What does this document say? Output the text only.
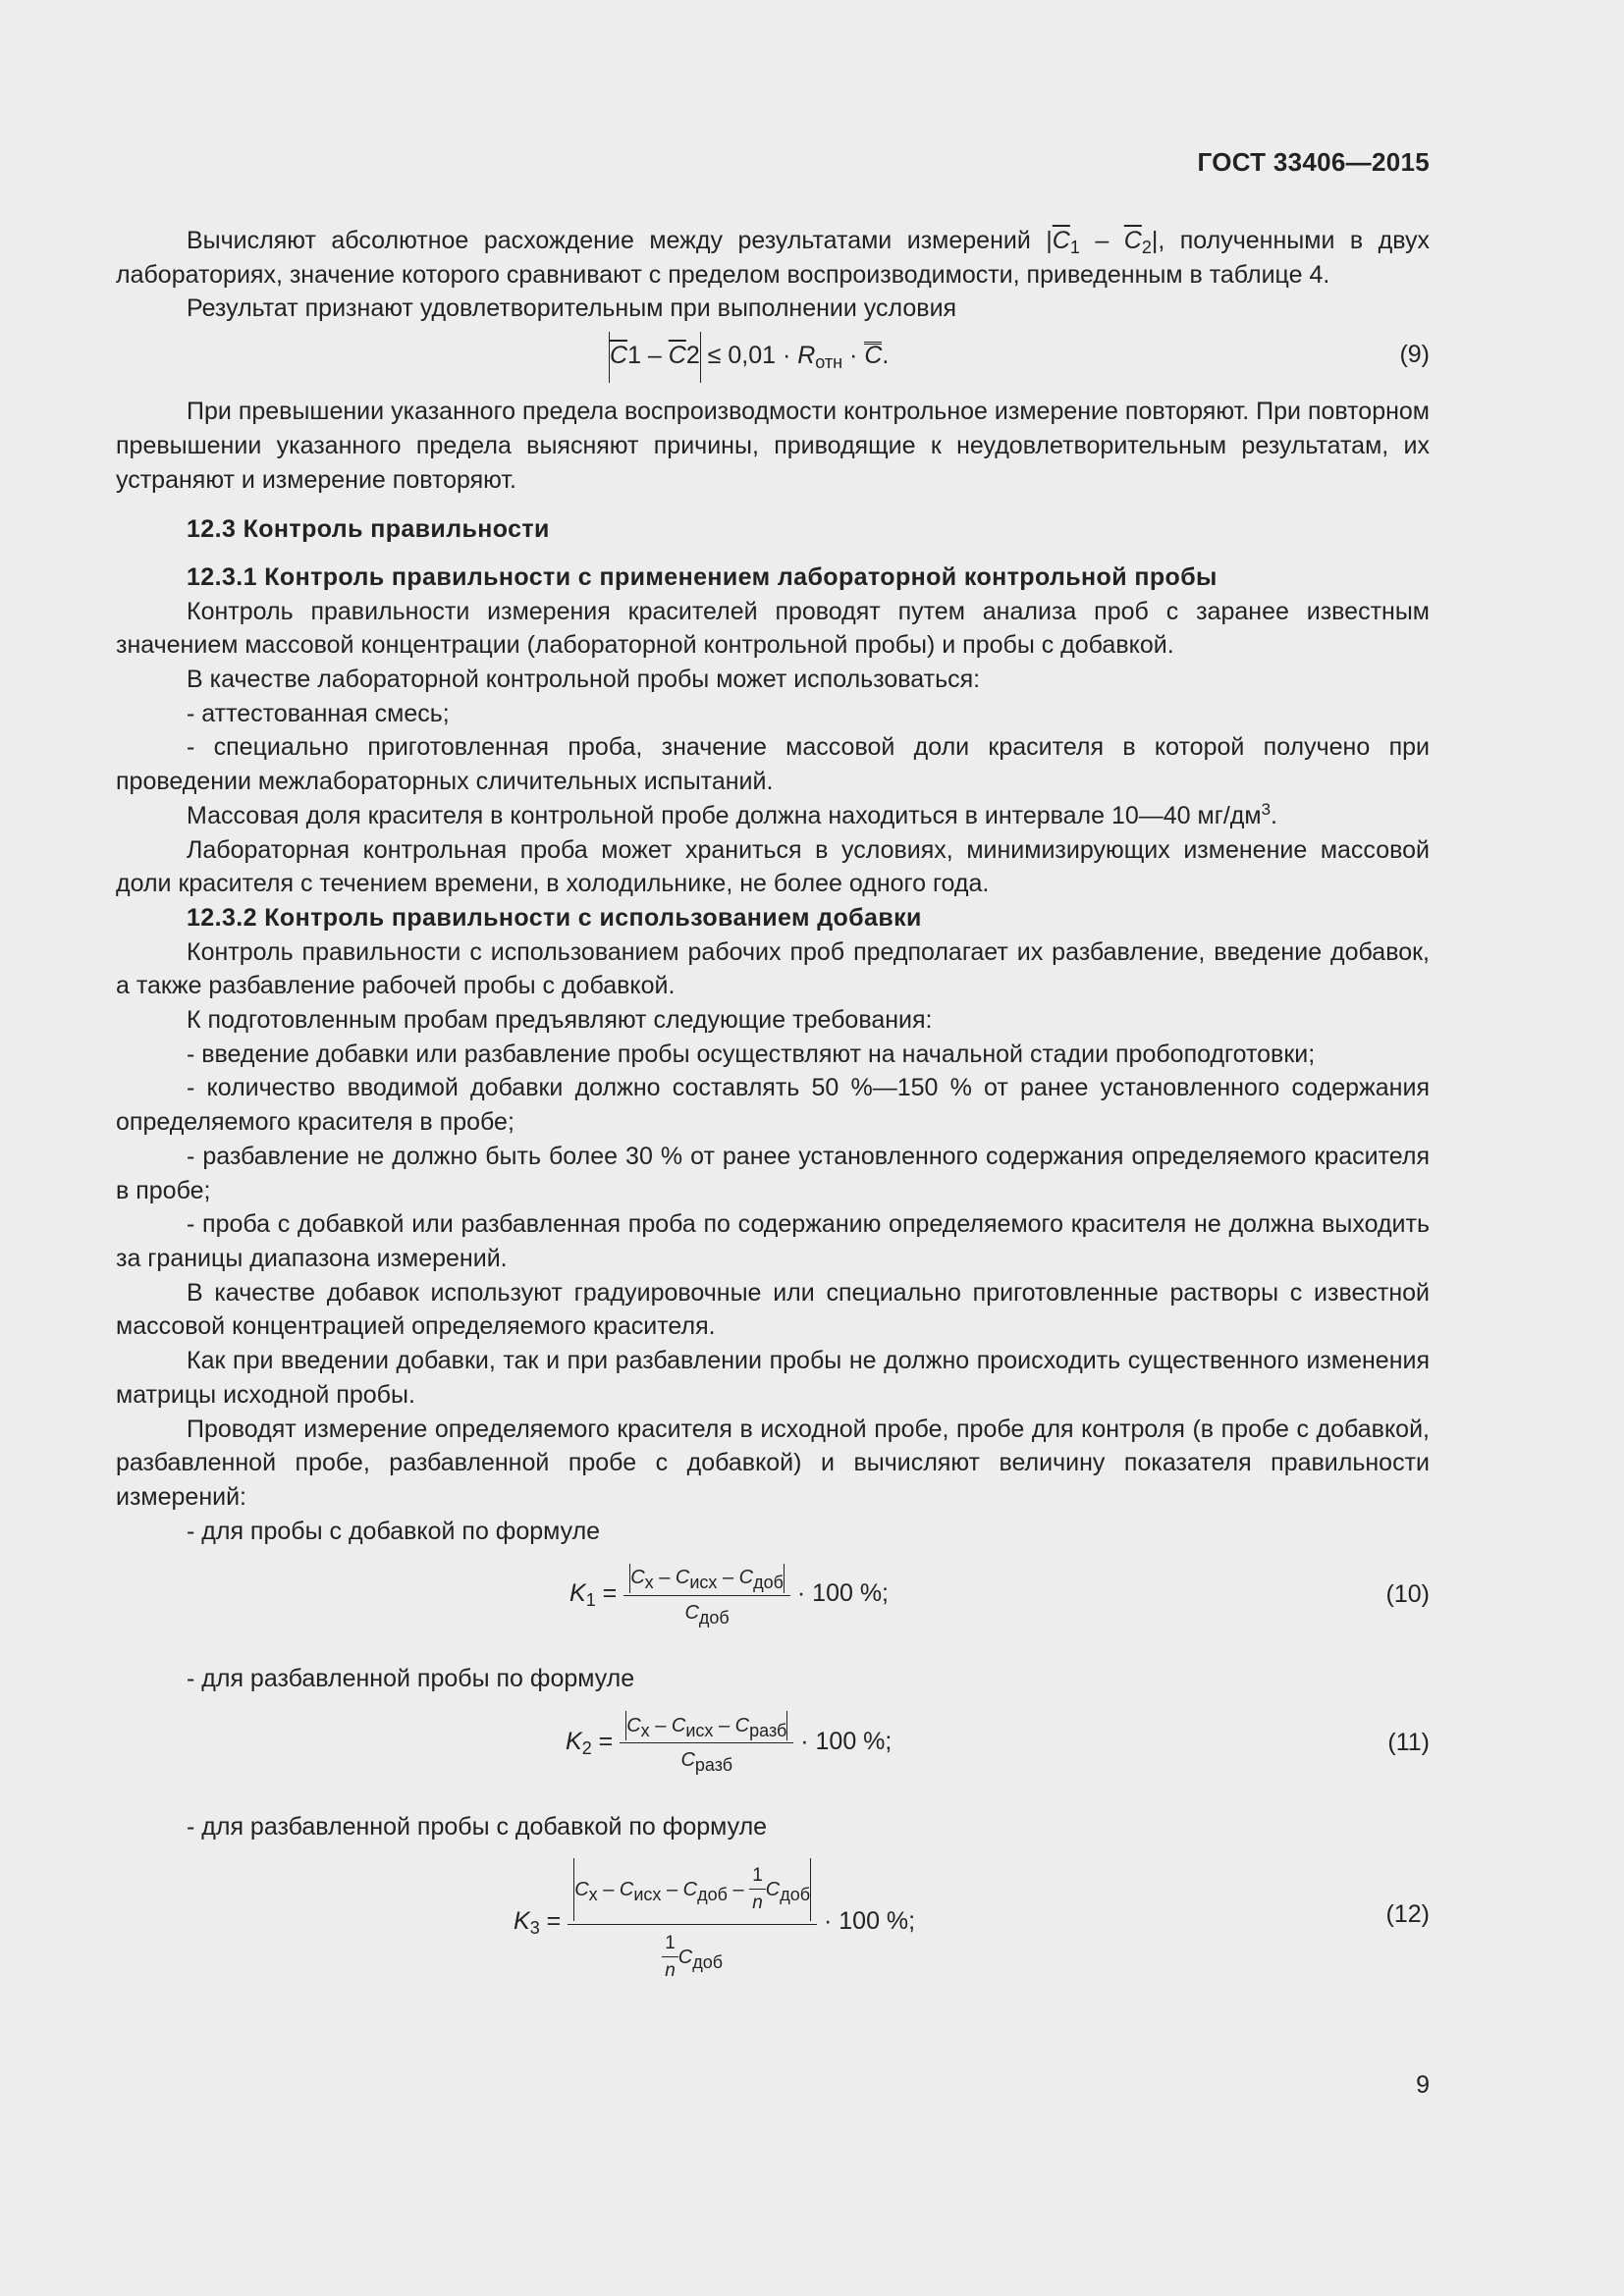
ГОСТ 33406—2015

Вычисляют абсолютное расхождение между результатами измерений $|\overline{C}_1 - \overline{C}_2|$, полученными в двух лабораториях, значение которого сравнивают с пределом воспроизводимости, приведенным в таблице 4.

Результат признают удовлетворительным при выполнении условия

$\overline{C}1 - \overline{C}2 \le 0,01 \cdot R_{отн} \cdot C$.	(9)

При превышении указанного предела воспроизводмости контрольное измерение повторяют. При повторном превышении указанного предела выясняют причины, приводящие к неудовлетворительным результатам, их устраняют и измерение повторяют.

12.3 Контроль правильности

12.3.1 Контроль правильности с применением лабораторной контрольной пробы

Контроль правильности измерения красителей проводят путем анализа проб с заранее известным значением массовой концентрации (лабораторной контрольной пробы) и пробы с добавкой.

В качестве лабораторной контрольной пробы может использоваться:

- аттестованная смесь;

- специально приготовленная проба, значение массовой доли красителя в которой получено при проведении межлабораторных сличительных испытаний.

Массовая доля красителя в контрольной пробе должна находиться в интервале 10—40 $мг/дм^3$.

Лабораторная контрольная проба может храниться в условиях, минимизирующих изменение массовой доли красителя с течением времени, в холодильнике, не более одного года.

12.3.2 Контроль правильности с использованием добавки

Контроль правильности с использованием рабочих проб предполагает их разбавление, введение добавок, а также разбавление рабочей пробы с добавкой.

К подготовленным пробам предъявляют следующие требования:

- введение добавки или разбавление пробы осуществляют на начальной стадии пробоподготовки;

- количество вводимой добавки должно составлять 50 %—150 % от ранее установленного содержания определяемого красителя в пробе;

- разбавление не должно быть более 30 % от ранее установленного содержания определяемого красителя в пробе;

- проба с добавкой или разбавленная проба по содержанию определяемого красителя не должна выходить за границы диапазона измерений.

В качестве добавок используют градуировочные или специально приготовленные растворы с известной массовой концентрацией определяемого красителя.

Как при введении добавки, так и при разбавлении пробы не должно происходить существенного изменения матрицы исходной пробы.

Проводят измерение определяемого красителя в исходной пробе, пробе для контроля (в пробе с добавкой, разбавленной пробе, разбавленной пробе с добавкой) и вычисляют величину показателя правильности измерений:

- для пробы с добавкой по формуле

$K_1 = \frac{C_х - C_{исх} - C_{доб}}{C_{доб}} \cdot 100$ %;	(10)

- для разбавленной пробы по формуле

$K_2 = \frac{C_х - C_{исх} - C_{разб}}{C_{разб}} \cdot 100$ %;	(11)

- для разбавленной пробы с добавкой по формуле

$K_3 = \frac{C_х - C_{исх} - C_{доб} - \frac{1}{n} C_{доб}}{\frac{1}{n} C_{доб}} \cdot 100$ %;	(12)
9
